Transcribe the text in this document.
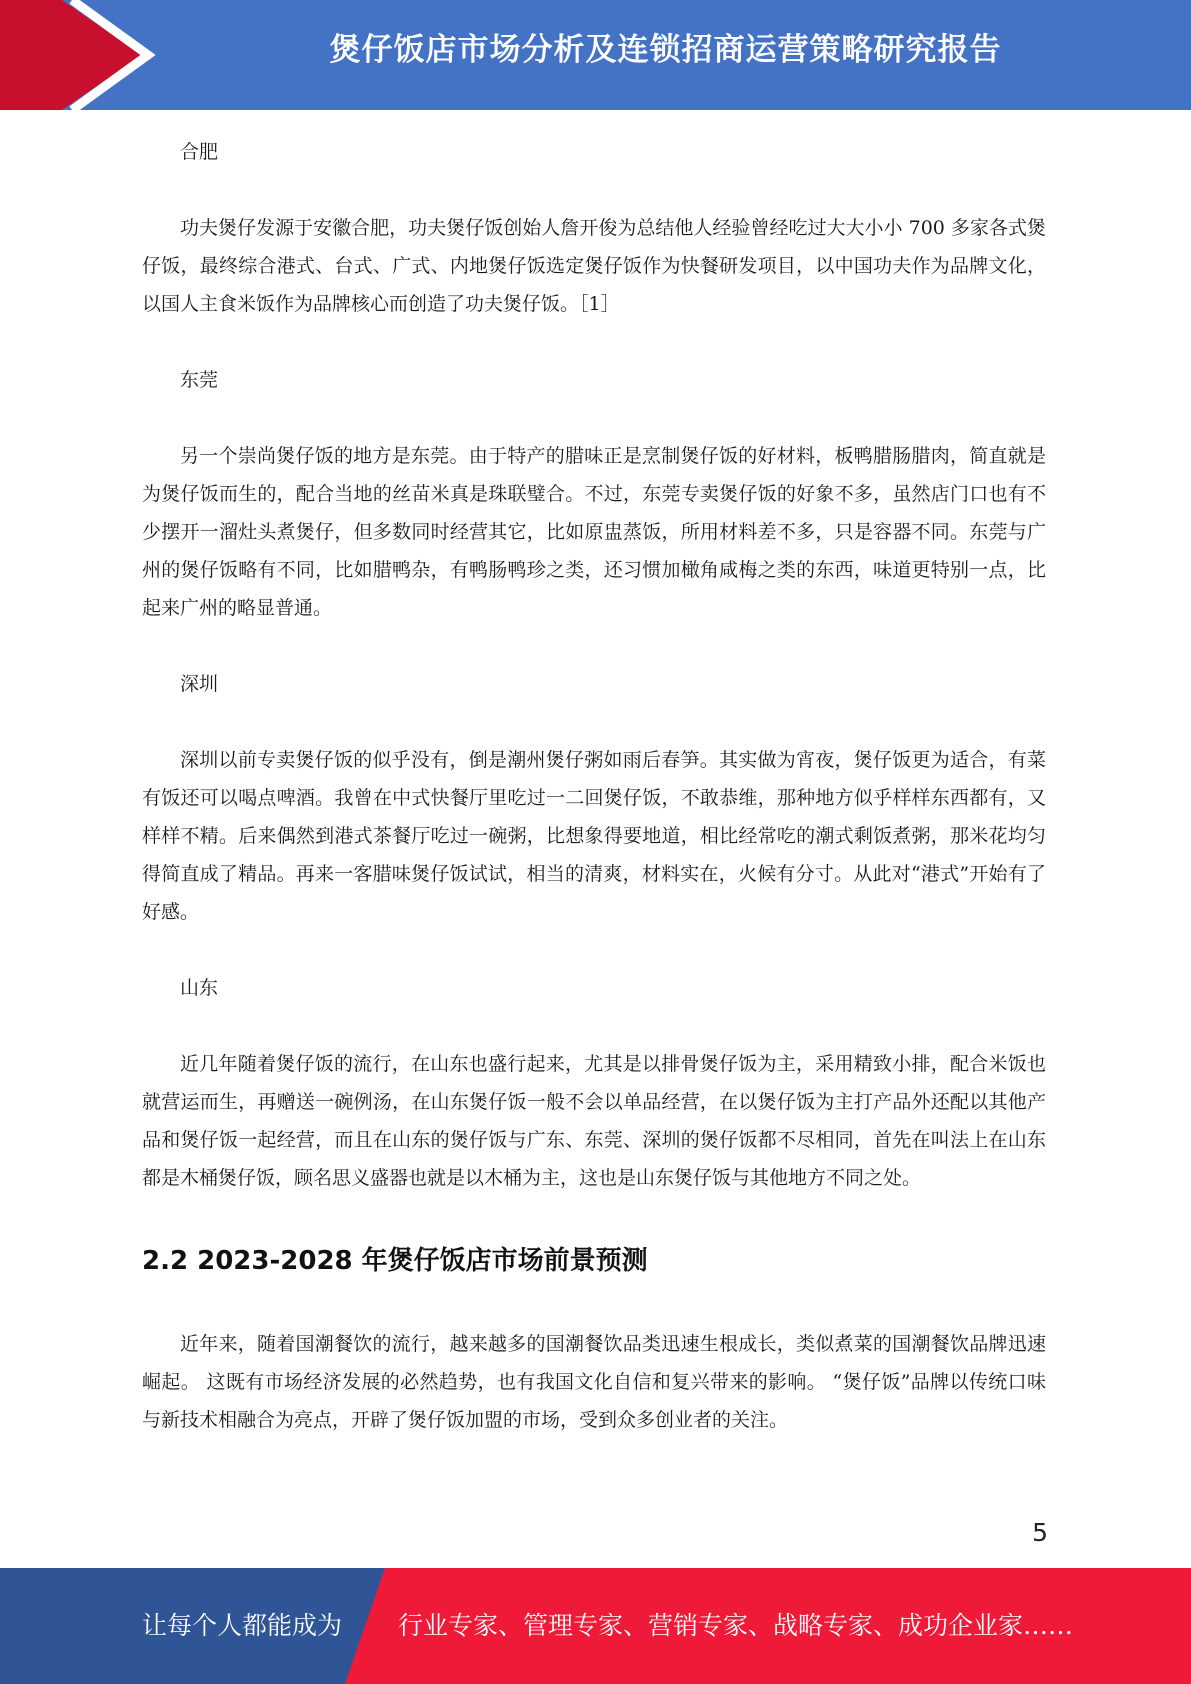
煲仔饭店市场分析及连锁招商运营策略研究报告

合肥

功夫煲仔发源于安徽合肥，功夫煲仔饭创始人詹开俊为总结他人经验曾经吃过大大小小 700 多家各式煲仔饭，最终综合港式、台式、广式、内地煲仔饭选定煲仔饭作为快餐研发项目，以中国功夫作为品牌文化，以国人主食米饭作为品牌核心而创造了功夫煲仔饭。［1］

东莞

另一个崇尚煲仔饭的地方是东莞。由于特产的腊味正是烹制煲仔饭的好材料，板鸭腊肠腊肉，简直就是为煲仔饭而生的，配合当地的丝苗米真是珠联璧合。不过，东莞专卖煲仔饭的好象不多，虽然店门口也有不少摆开一溜灶头煮煲仔，但多数同时经营其它，比如原盅蒸饭，所用材料差不多，只是容器不同。东莞与广州的煲仔饭略有不同，比如腊鸭杂，有鸭肠鸭珍之类，还习惯加橄角咸梅之类的东西，味道更特别一点，比起来广州的略显普通。

深圳

深圳以前专卖煲仔饭的似乎没有，倒是潮州煲仔粥如雨后春笋。其实做为宵夜，煲仔饭更为适合，有菜有饭还可以喝点啤酒。我曾在中式快餐厅里吃过一二回煲仔饭，不敢恭维，那种地方似乎样样东西都有，又样样不精。后来偶然到港式茶餐厅吃过一碗粥，比想象得要地道，相比经常吃的潮式剩饭煮粥，那米花均匀得简直成了精品。再来一客腊味煲仔饭试试，相当的清爽，材料实在，火候有分寸。从此对“港式”开始有了好感。

山东

近几年随着煲仔饭的流行，在山东也盛行起来，尤其是以排骨煲仔饭为主，采用精致小排，配合米饭也就营运而生，再赠送一碗例汤，在山东煲仔饭一般不会以单品经营，在以煲仔饭为主打产品外还配以其他产品和煲仔饭一起经营，而且在山东的煲仔饭与广东、东莞、深圳的煲仔饭都不尽相同，首先在叫法上在山东都是木桶煲仔饭，顾名思义盛器也就是以木桶为主，这也是山东煲仔饭与其他地方不同之处。

2.2 2023-2028 年煲仔饭店市场前景预测

近年来，随着国潮餐饮的流行，越来越多的国潮餐饮品类迅速生根成长，类似煮菜的国潮餐饮品牌迅速崛起。 这既有市场经济发展的必然趋势，也有我国文化自信和复兴带来的影响。 “煲仔饭”品牌以传统口味与新技术相融合为亮点，开辟了煲仔饭加盟的市场，受到众多创业者的关注。

5
让每个人都能成为 行业专家、管理专家、营销专家、战略专家、成功企业家……
